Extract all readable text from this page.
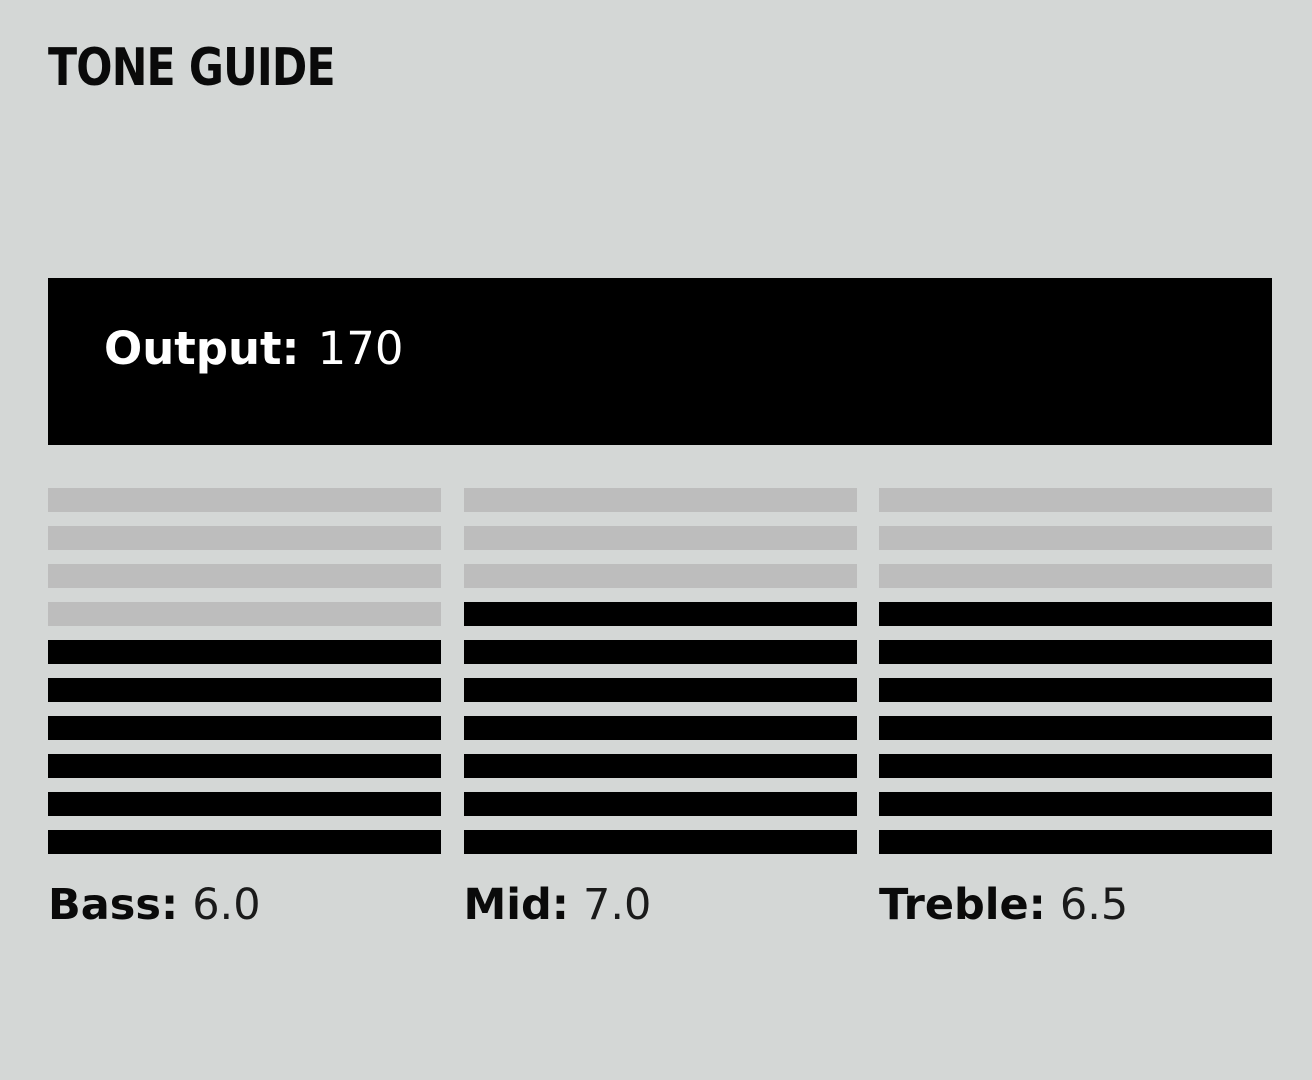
TONE GUIDE
Output: 170
Bass: 6.0	Mid: 7.0	Treble: 6.5
